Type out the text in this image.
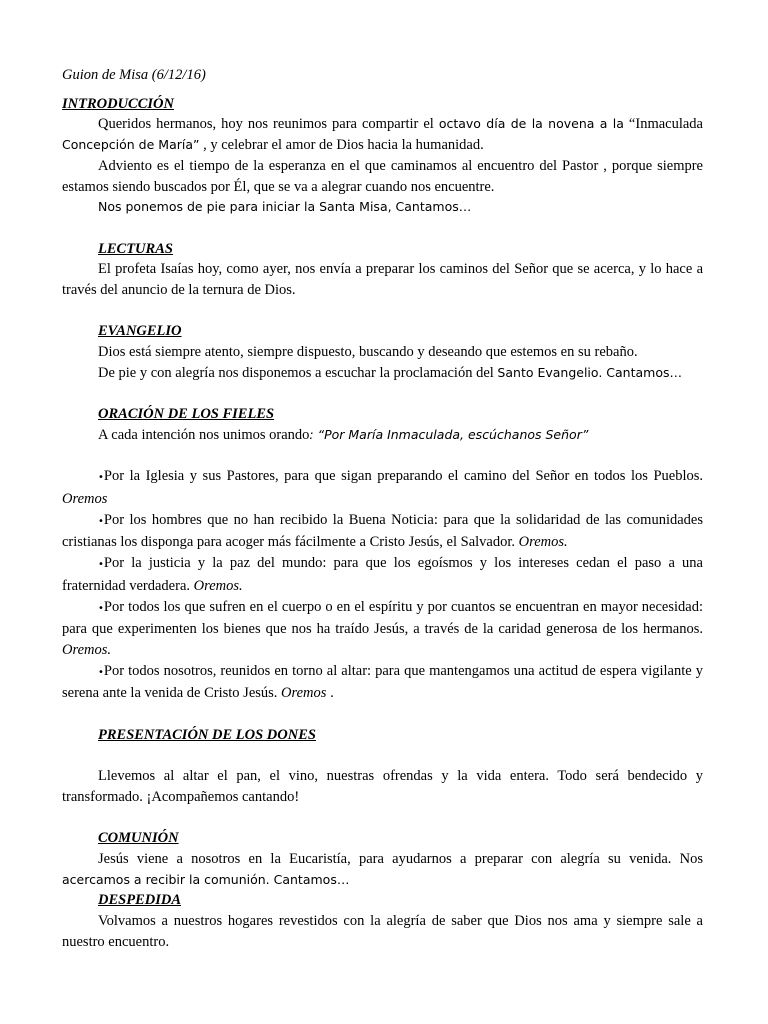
Guion de Misa (6/12/16)

INTRODUCCIÓN

Queridos hermanos, hoy nos reunimos para compartir el octavo día de la novena a la “Inmaculada Concepción de María” , y celebrar el amor de Dios hacia la humanidad.

Adviento es el tiempo de la esperanza en el que caminamos al encuentro del Pastor , porque siempre estamos siendo buscados por Él, que se va a alegrar cuando nos encuentre.

Nos ponemos de pie para iniciar la Santa Misa, Cantamos…

LECTURAS

El profeta Isaías hoy, como ayer, nos envía a preparar los caminos del Señor que se acerca, y lo hace a través del anuncio de la ternura de Dios.

EVANGELIO

Dios está siempre atento, siempre dispuesto, buscando y deseando que estemos en su rebaño.

De pie y con alegría nos disponemos a escuchar la proclamación del Santo Evangelio. Cantamos…

ORACIÓN DE LOS FIELES

A cada intención nos unimos orando: “Por María Inmaculada, escúchanos Señor”

•Por la Iglesia y sus Pastores, para que sigan preparando el camino del Señor en todos los Pueblos. Oremos

•Por los hombres que no han recibido la Buena Noticia: para que la solidaridad de las comunidades cristianas los disponga para acoger más fácilmente a Cristo Jesús, el Salvador. Oremos.

•Por la justicia y la paz del mundo: para que los egoísmos y los intereses cedan el paso a una fraternidad verdadera. Oremos.

•Por todos los que sufren en el cuerpo o en el espíritu y por cuantos se encuentran en mayor necesidad: para que experimenten los bienes que nos ha traído Jesús, a través de la caridad generosa de los hermanos. Oremos.

•Por todos nosotros, reunidos en torno al altar: para que mantengamos una actitud de espera vigilante y serena ante la venida de Cristo Jesús. Oremos .

PRESENTACIÓN DE LOS DONES

Llevemos al altar el pan, el vino, nuestras ofrendas y la vida entera. Todo será bendecido y transformado. ¡Acompañemos cantando!

COMUNIÓN

Jesús viene a nosotros en la Eucaristía, para ayudarnos a preparar con alegría su venida. Nos acercamos a recibir la comunión. Cantamos…

DESPEDIDA

Volvamos a nuestros hogares revestidos con la alegría de saber que Dios nos ama y siempre sale a nuestro encuentro.
